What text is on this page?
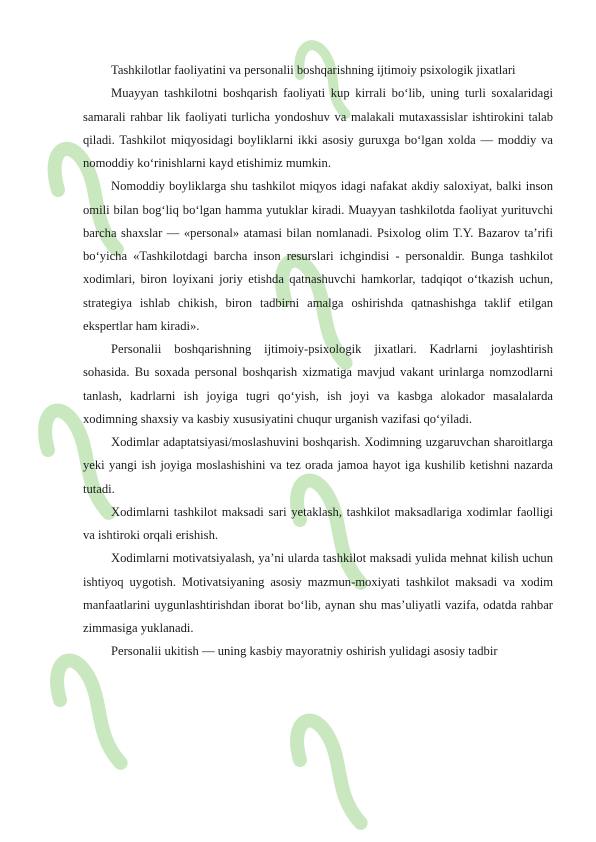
Tashkilotlar faoliyatini va personalii boshqarishning ijtimoiy psixologik jixatlari

Muayyan tashkilotni boshqarish faoliyati kup kirrali bo‘lib, uning turli soxalaridagi samarali rahbar lik faoliyati turlicha yondoshuv va malakali mutaxassislar ishtirokini talab qiladi. Tashkilot miqyosidagi boyliklarni ikki asosiy guruxga bo‘lgan xolda — moddiy va nomoddiy ko‘rinishlarni kayd etishimiz mumkin.

Nomoddiy boyliklarga shu tashkilot miqyos idagi nafakat akdiy saloxiyat, balki inson omili bilan bog‘liq bo‘lgan hamma yutuklar kiradi. Muayyan tashkilotda faoliyat yurituvchi barcha shaxslar — «personal» atamasi bilan nomlanadi. Psixolog olim T.Y. Bazarov ta’rifi bo‘yicha «Tashkilotdagi barcha inson resurslari ichgindisi - personaldir. Bunga tashkilot xodimlari, biron loyixani joriy etishda qatnashuvchi hamkorlar, tadqiqot o‘tkazish uchun, strategiya ishlab chikish, biron tadbirni amalga oshirishda qatnashishga taklif etilgan ekspertlar ham kiradi».

Personalii boshqarishning ijtimoiy-psixologik jixatlari. Kadrlarni joylashtirish sohasida. Bu soxada personal boshqarish xizmatiga mavjud vakant urinlarga nomzodlarni tanlash, kadrlarni ish joyiga tugri qo‘yish, ish joyi va kasbga alokador masalalarda xodimning shaxsiy va kasbiy xususiyatini chuqur urganish vazifasi qo‘yiladi.

Xodimlar adaptatsiyasi/moslashuvini boshqarish. Xodimning uzgaruvchan sharoitlarga yeki yangi ish joyiga moslashishini va tez orada jamoa hayot iga kushilib ketishni nazarda tutadi.

Xodimlarni tashkilot maksadi sari yetaklash, tashkilot maksadlariga xodimlar faolligi va ishtiroki orqali erishish.

Xodimlarni motivatsiyalash, ya’ni ularda tashkilot maksadi yulida mehnat kilish uchun ishtiyoq uygotish. Motivatsiyaning asosiy mazmun-moxiyati tashkilot maksadi va xodim manfaatlarini uygunlashtirishdan iborat bo‘lib, aynan shu mas’uliyatli vazifa, odatda rahbar zimmasiga yuklanadi.

Personalii ukitish — uning kasbiy mayoratniy oshirish yulidagi asosiy tadbir
